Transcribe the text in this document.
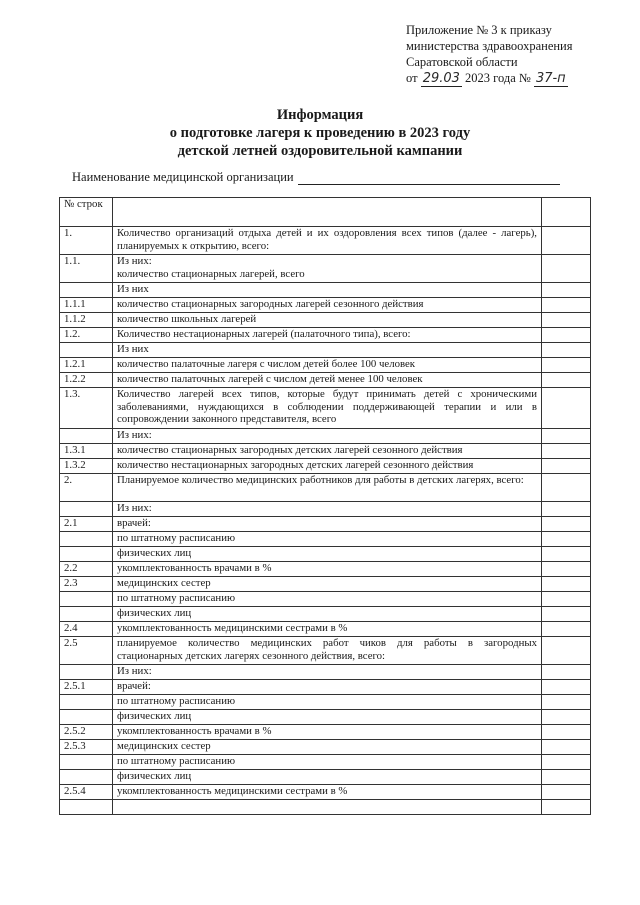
Приложение № 3 к приказу
министерства здравоохранения
Саратовской области
от 29.03 2023 года № 37-п
Информация
о подготовке лагеря к проведению в 2023 году
детской летней оздоровительной кампании
Наименование медицинской организации
№ строк		
1.	Количество организаций отдыха детей и их оздоровления всех типов (далее - лагерь), планируемых к открытию, всего:	
1.1.	Из них:
количество стационарных лагерей, всего	
	Из них	
1.1.1	количество стационарных загородных лагерей сезонного действия	
1.1.2	количество школьных лагерей	
1.2.	Количество нестационарных лагерей (палаточного типа), всего:	
	Из них	
1.2.1	количество палаточные лагеря с числом детей более 100 человек	
1.2.2	количество палаточных лагерей с числом детей менее 100 человек	
1.3.	Количество лагерей всех типов, которые будут принимать детей с хроническими заболеваниями, нуждающихся в соблюдении поддерживающей терапии и или в сопровождении законного представителя, всего	
	Из них:	
1.3.1	количество стационарных загородных детских лагерей сезонного действия	
1.3.2	количество нестационарных загородных детских лагерей сезонного действия	
2.	Планируемое количество медицинских работников для работы в детских лагерях, всего:	
	Из них:	
2.1	врачей:	
	по штатному расписанию	
	физических лиц	
2.2	укомплектованность врачами в %	
2.3	медицинских сестер	
	по штатному расписанию	
	физических лиц	
2.4	укомплектованность медицинскими сестрами в %	
2.5	планируемое количество медицинских работ чиков для работы в загородных стационарных детских лагерях сезонного действия, всего:	
	Из них:	
2.5.1	врачей:	
	по штатному расписанию	
	физических лиц	
2.5.2	укомплектованность врачами в %	
2.5.3	медицинских сестер	
	по штатному расписанию	
	физических лиц	
2.5.4	укомплектованность медицинскими сестрами в %	
